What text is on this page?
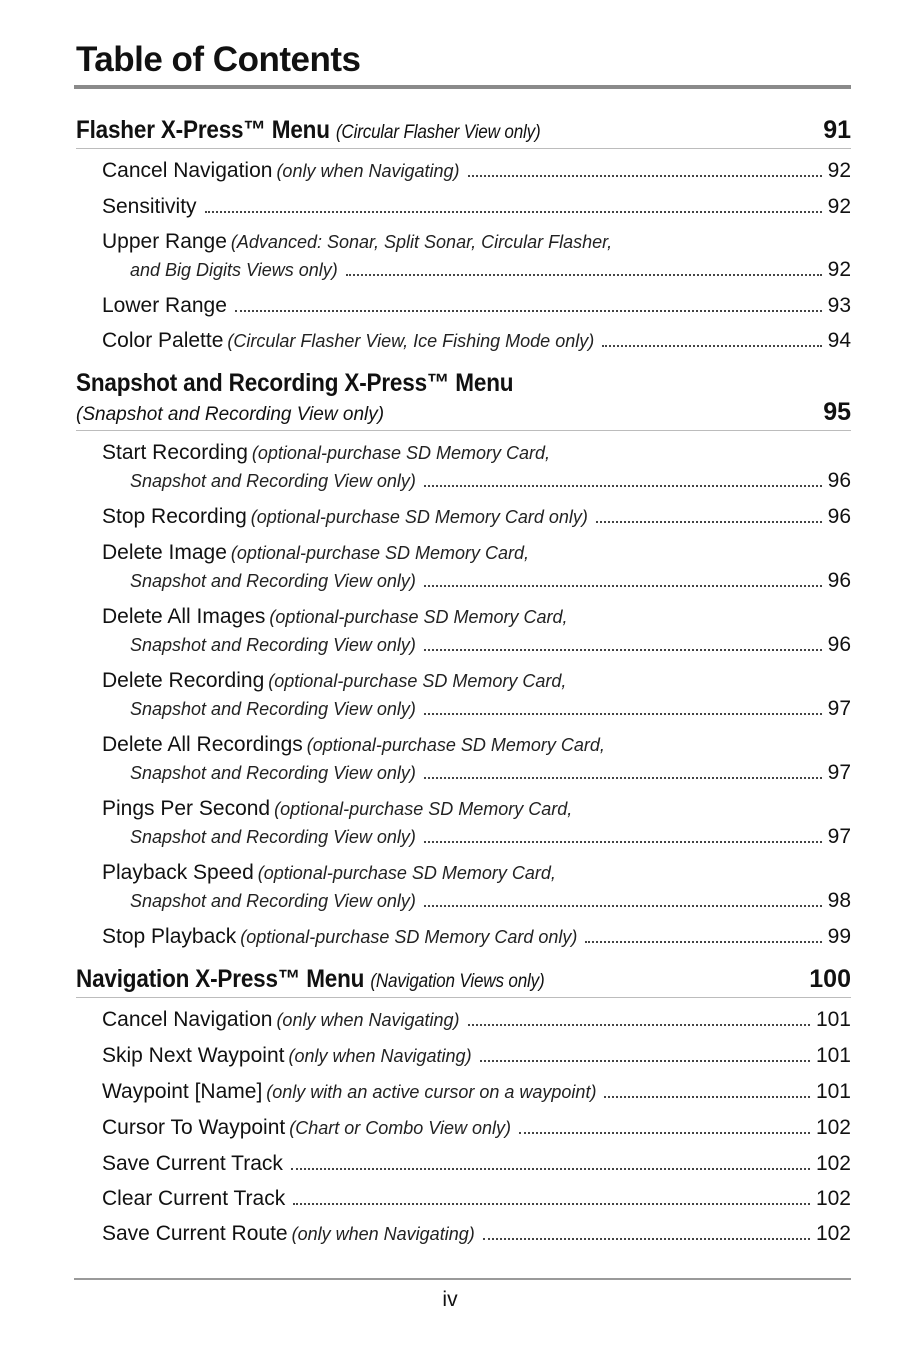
Table of Contents
Flasher X-Press™ Menu (Circular Flasher View only)	91
Cancel Navigation (only when Navigating)	92
Sensitivity	92
Upper Range (Advanced: Sonar, Split Sonar, Circular Flasher,
and Big Digits Views only)	92
Lower Range	93
Color Palette (Circular Flasher View, Ice Fishing Mode only)	94
Snapshot and Recording X-Press™ Menu
(Snapshot and Recording View only)	95
Start Recording (optional-purchase SD Memory Card,
Snapshot and Recording View only)	96
Stop Recording (optional-purchase SD Memory Card only)	96
Delete Image (optional-purchase SD Memory Card,
Snapshot and Recording View only)	96
Delete All Images (optional-purchase SD Memory Card,
Snapshot and Recording View only)	96
Delete Recording (optional-purchase SD Memory Card,
Snapshot and Recording View only)	97
Delete All Recordings (optional-purchase SD Memory Card,
Snapshot and Recording View only)	97
Pings Per Second (optional-purchase SD Memory Card,
Snapshot and Recording View only)	97
Playback Speed (optional-purchase SD Memory Card,
Snapshot and Recording View only)	98
Stop Playback (optional-purchase SD Memory Card only)	99
Navigation X-Press™ Menu (Navigation Views only)	100
Cancel Navigation (only when Navigating)	101
Skip Next Waypoint (only when Navigating)	101
Waypoint [Name] (only with an active cursor on a waypoint)	101
Cursor To Waypoint (Chart or Combo View only)	102
Save Current Track	102
Clear Current Track	102
Save Current Route (only when Navigating)	102
iv
